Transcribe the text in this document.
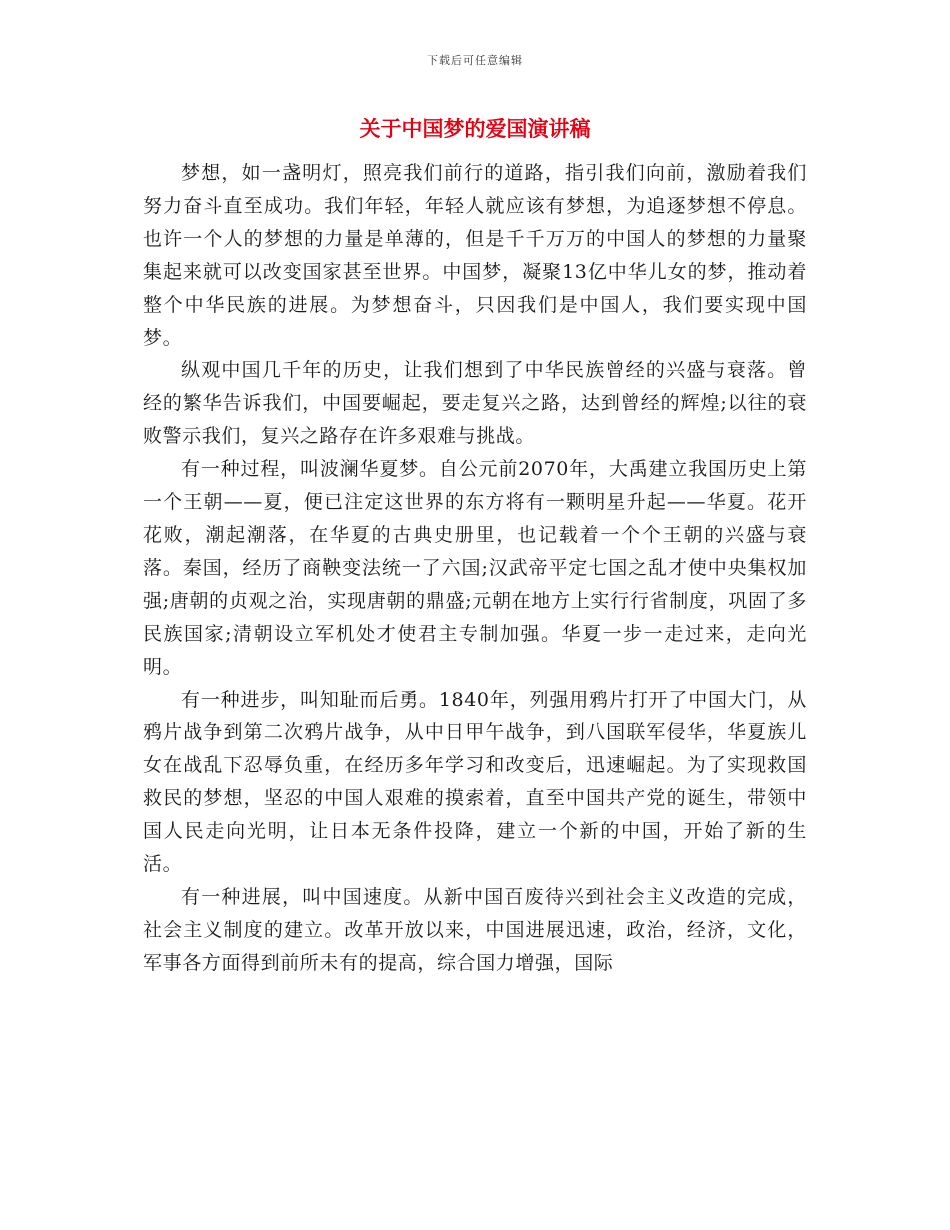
下载后可任意编辑
关于中国梦的爱国演讲稿

梦想，如一盏明灯，照亮我们前行的道路，指引我们向前，激励着我们努力奋斗直至成功。我们年轻，年轻人就应该有梦想，为追逐梦想不停息。也许一个人的梦想的力量是单薄的，但是千千万万的中国人的梦想的力量聚集起来就可以改变国家甚至世界。中国梦，凝聚13亿中华儿女的梦，推动着整个中华民族的进展。为梦想奋斗，只因我们是中国人，我们要实现中国梦。

纵观中国几千年的历史，让我们想到了中华民族曾经的兴盛与衰落。曾经的繁华告诉我们，中国要崛起，要走复兴之路，达到曾经的辉煌;以往的衰败警示我们，复兴之路存在许多艰难与挑战。

有一种过程，叫波澜华夏梦。自公元前2070年，大禹建立我国历史上第一个王朝——夏，便已注定这世界的东方将有一颗明星升起——华夏。花开花败，潮起潮落，在华夏的古典史册里，也记载着一个个王朝的兴盛与衰落。秦国，经历了商鞅变法统一了六国;汉武帝平定七国之乱才使中央集权加强;唐朝的贞观之治，实现唐朝的鼎盛;元朝在地方上实行行省制度，巩固了多民族国家;清朝设立军机处才使君主专制加强。华夏一步一走过来，走向光明。

有一种进步，叫知耻而后勇。1840年，列强用鸦片打开了中国大门，从鸦片战争到第二次鸦片战争，从中日甲午战争，到八国联军侵华，华夏族儿女在战乱下忍辱负重，在经历多年学习和改变后，迅速崛起。为了实现救国救民的梦想，坚忍的中国人艰难的摸索着，直至中国共产党的诞生，带领中国人民走向光明，让日本无条件投降，建立一个新的中国，开始了新的生活。

有一种进展，叫中国速度。从新中国百废待兴到社会主义改造的完成，社会主义制度的建立。改革开放以来，中国进展迅速，政治，经济，文化，军事各方面得到前所未有的提高，综合国力增强，国际
